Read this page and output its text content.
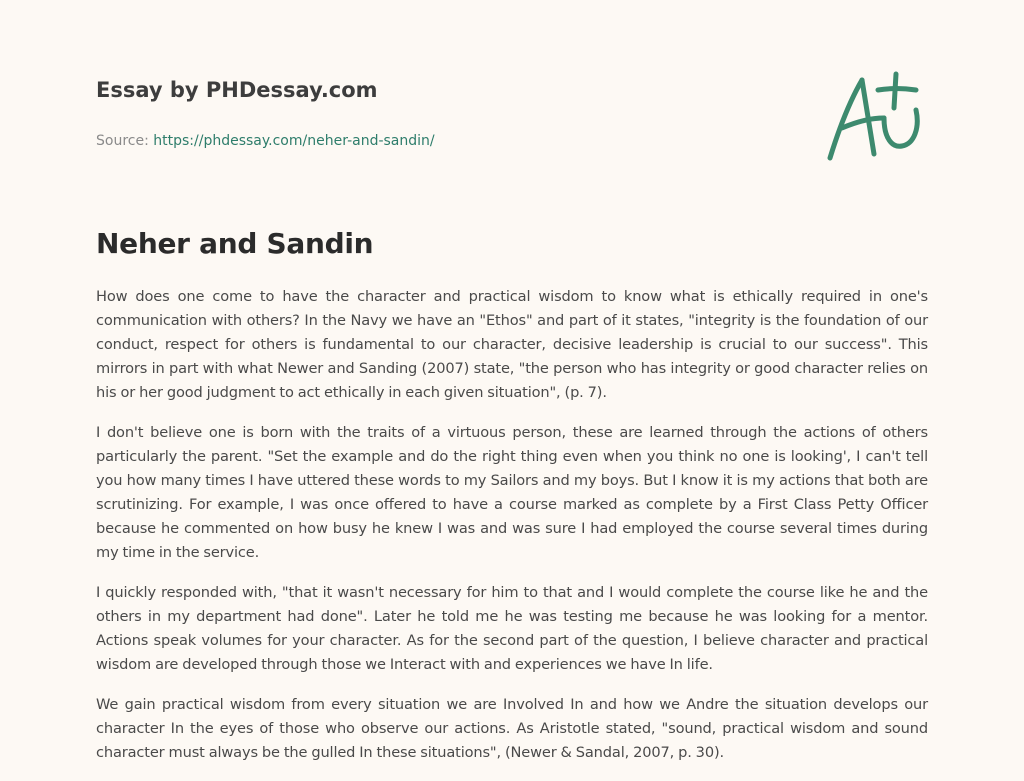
Essay by PHDessay.com
Source: https://phdessay.com/neher-and-sandin/
Neher and Sandin

How does one come to have the character and practical wisdom to know what is ethically required in one's communication with others? In the Navy we have an "Ethos" and part of it states, "integrity is the foundation of our conduct, respect for others is fundamental to our character, decisive leadership is crucial to our success". This mirrors in part with what Newer and Sanding (2007) state, "the person who has integrity or good character relies on his or her good judgment to act ethically in each given situation", (p. 7).

I don't believe one is born with the traits of a virtuous person, these are learned through the actions of others particularly the parent. "Set the example and do the right thing even when you think no one is looking', I can't tell you how many times I have uttered these words to my Sailors and my boys. But I know it is my actions that both are scrutinizing. For example, I was once offered to have a course marked as complete by a First Class Petty Officer because he commented on how busy he knew I was and was sure I had employed the course several times during my time in the service.

I quickly responded with, "that it wasn't necessary for him to that and I would complete the course like he and the others in my department had done". Later he told me he was testing me because he was looking for a mentor. Actions speak volumes for your character. As for the second part of the question, I believe character and practical wisdom are developed through those we Interact with and experiences we have In life.

We gain practical wisdom from every situation we are Involved In and how we Andre the situation develops our character In the eyes of those who observe our actions. As Aristotle stated, "sound, practical wisdom and sound character must always be the gulled In these situations", (Newer & Sandal, 2007, p. 30).
